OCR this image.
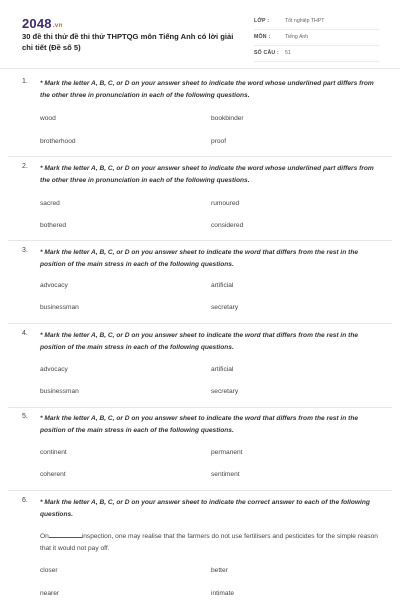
2048.vn
30 đề thi thử đề thi thử THPTQG môn Tiếng Anh có lời giải chi tiết (Đề số 5)
LỚP :	Tốt nghiệp THPT
MÔN :	Tiếng Anh
SỐ CÂU :	51
1. * Mark the letter A, B, C, or D on your answer sheet to indicate the word whose underlined part differs from the other three in pronunciation in each of the following questions.
wood	bookbinder
brotherhood	proof
2. * Mark the letter A, B, C, or D on your answer sheet to indicate the word whose underlined part differs from the other three in pronunciation in each of the following questions.
sacred	rumoured
bothered	considered
3. * Mark the letter A, B, C, or D on you answer sheet to indicate the word that differs from the rest in the position of the main stress in each of the following questions.
advocacy	artificial
businessman	secretary
4. * Mark the letter A, B, C, or D on you answer sheet to indicate the word that differs from the rest in the position of the main stress in each of the following questions.
advocacy	artificial
businessman	secretary
5. * Mark the letter A, B, C, or D on you answer sheet to indicate the word that differs from the rest in the position of the main stress in each of the following questions.
continent	permanent
coherent	sentiment
6. * Mark the letter A, B, C, or D on your answer sheet to indicate the correct answer to each of the following questions.
On	inspection, one may realise that the farmers do not use fertilisers and pesticides for the simple reason that it would not pay off.
closer	better
nearer	intimate
